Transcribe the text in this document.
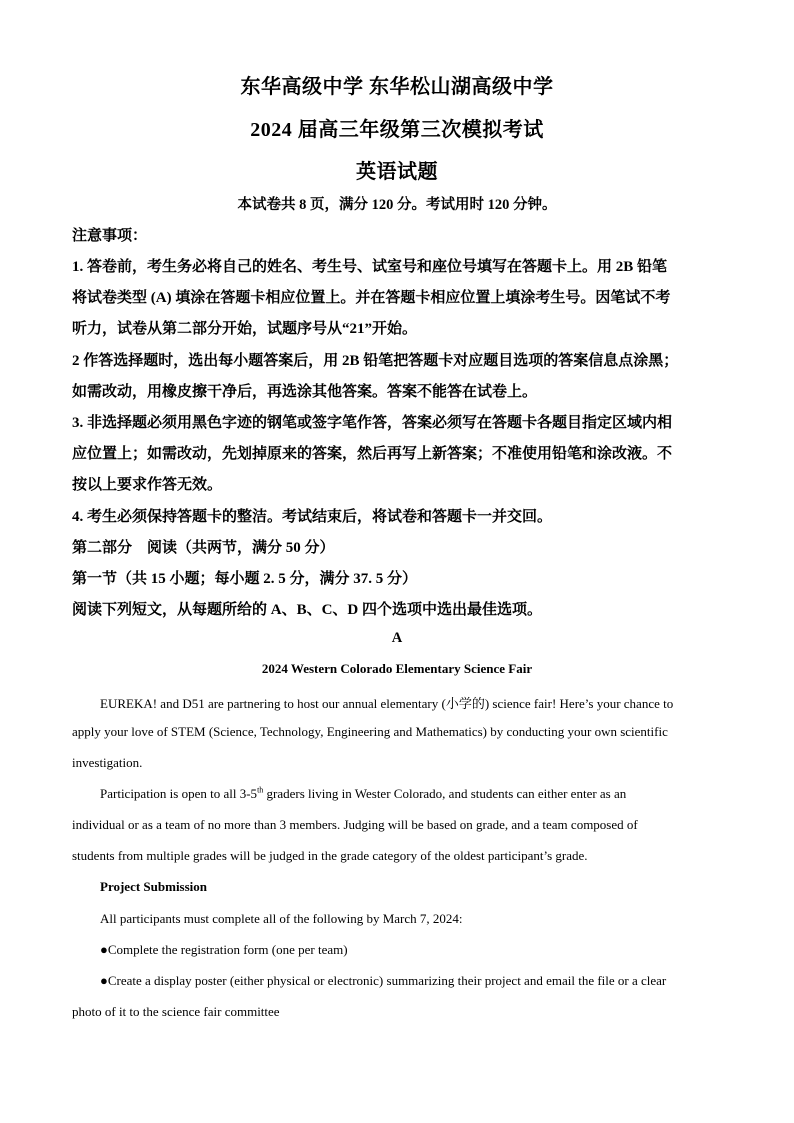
东华高级中学 东华松山湖高级中学
2024 届高三年级第三次模拟考试
英语试题
本试卷共 8 页，满分 120 分。考试用时 120 分钟。
注意事项：
1. 答卷前，考生务必将自己的姓名、考生号、试室号和座位号填写在答题卡上。用 2B 铅笔
将试卷类型 (A) 填涂在答题卡相应位置上。并在答题卡相应位置上填涂考生号。因笔试不考
听力，试卷从第二部分开始，试题序号从“21”开始。
2 作答选择题时，选出每小题答案后，用 2B 铅笔把答题卡对应题目选项的答案信息点涂黑；
如需改动，用橡皮擦干净后，再选涂其他答案。答案不能答在试卷上。
3. 非选择题必须用黑色字迹的钢笔或签字笔作答，答案必须写在答题卡各题目指定区域内相
应位置上；如需改动，先划掉原来的答案，然后再写上新答案；不准使用铅笔和涂改液。不
按以上要求作答无效。
4. 考生必须保持答题卡的整洁。考试结束后，将试卷和答题卡一并交回。
第二部分　阅读（共两节，满分 50 分）
第一节（共 15 小题；每小题 2. 5 分，满分 37. 5 分）
阅读下列短文，从每题所给的 A、B、C、D 四个选项中选出最佳选项。
A
2024 Western Colorado Elementary Science Fair
EUREKA! and D51 are partnering to host our annual elementary (小学的) science fair! Here’s your chance to
apply your love of STEM (Science, Technology, Engineering and Mathematics) by conducting your own scientific
investigation.
Participation is open to all 3-5th graders living in Wester Colorado, and students can either enter as an
individual or as a team of no more than 3 members. Judging will be based on grade, and a team composed of
students from multiple grades will be judged in the grade category of the oldest participant’s grade.
Project Submission
All participants must complete all of the following by March 7, 2024:
●Complete the registration form (one per team)
●Create a display poster (either physical or electronic) summarizing their project and email the file or a clear
photo of it to the science fair committee
